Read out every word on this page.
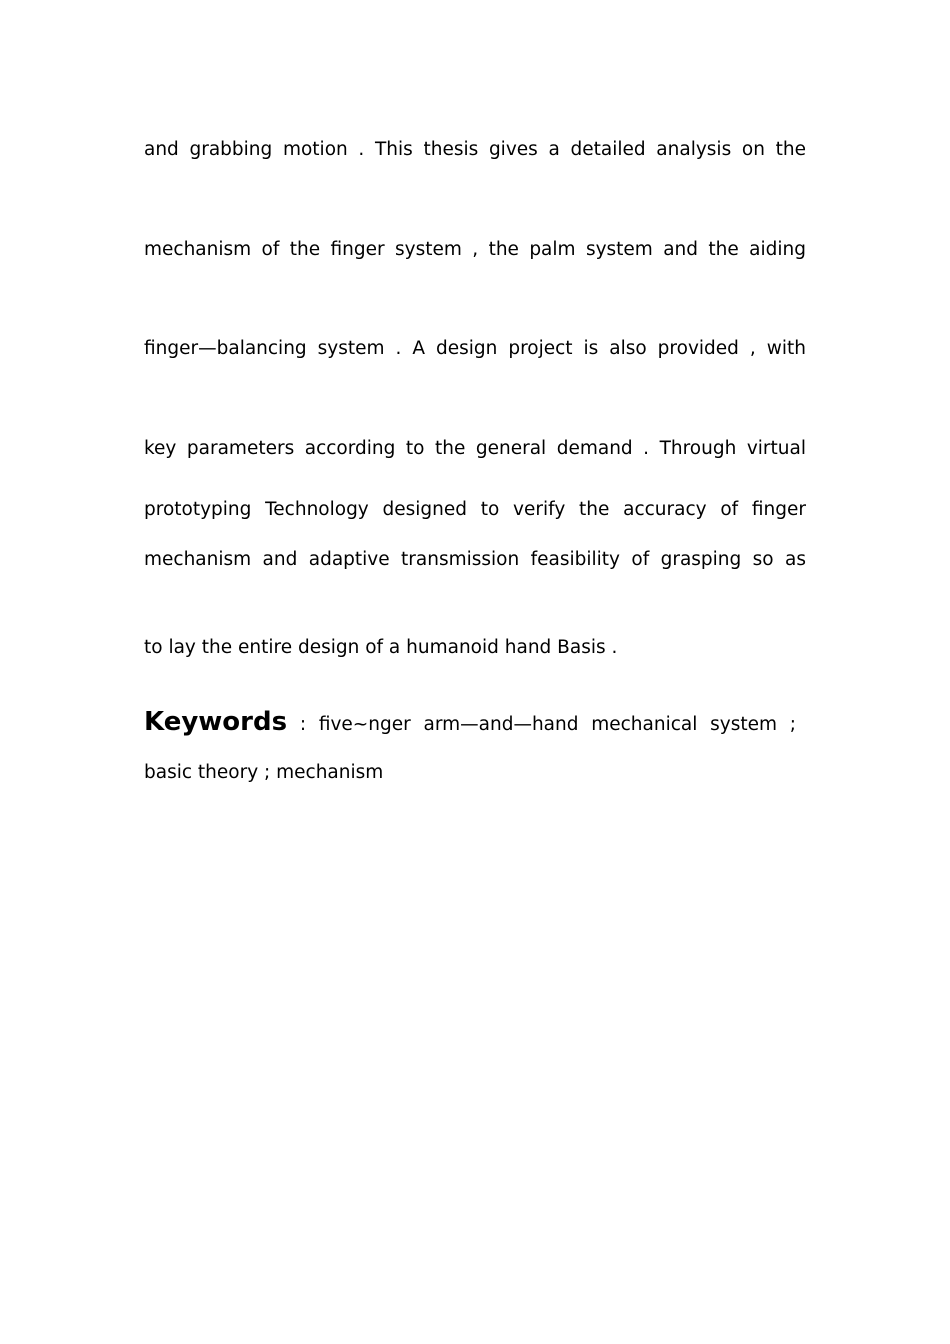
and grabbing motion . This thesis gives a detailed analysis on the
mechanism of the finger system , the palm system and the aiding
finger—balancing system . A design project is also provided , with
key parameters according to the general demand . Through virtual
prototyping Technology designed to verify the accuracy of finger
mechanism and adaptive transmission feasibility of grasping so as
to lay the entire design of a humanoid hand Basis .
Keywords : five~nger arm—and—hand mechanical system ;
basic theory ; mechanism
